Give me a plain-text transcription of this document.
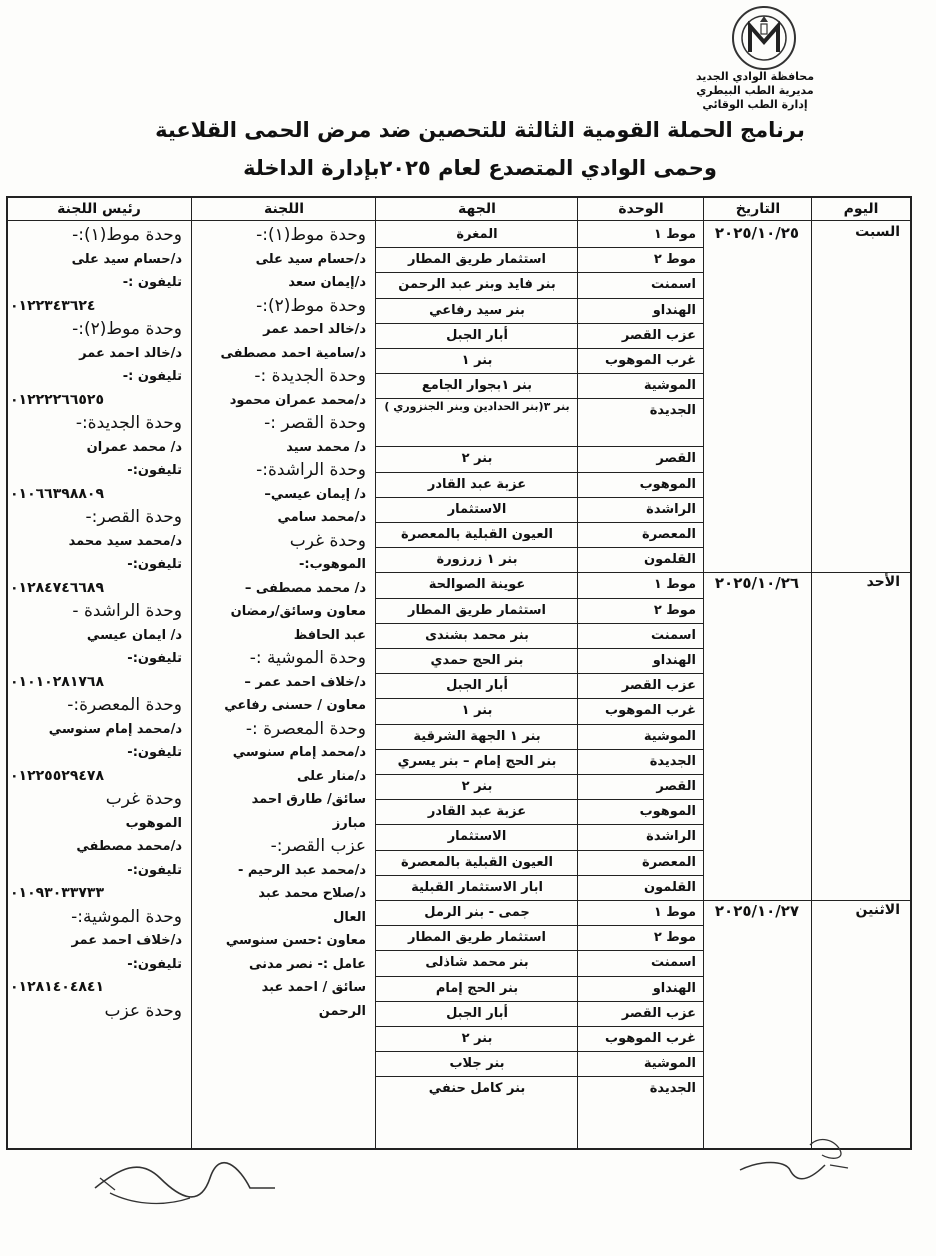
محافظة الوادي الجديد
مديرية الطب البيطري
إدارة الطب الوقائي
برنامج الحملة القومية الثالثة للتحصين ضد مرض الحمى القلاعية
وحمى الوادي المتصدع لعام ٢٠٢٥بإدارة الداخلة
اليوم
التاريخ
الوحدة
الجهة
اللجنة
رئيس اللجنة
موط ١
المغرة
موط ٢
استثمار طريق المطار
اسمنت
بنر فايد وبنر عبد الرحمن
الهنداو
بنر سيد رفاعي
عزب القصر
أبار الجبل
غرب الموهوب
بنر ١
الموشية
بنر ١بجوار الجامع
الجديدة
بنر ٣(بنر الحدادين وبنر الجنزوري )
القصر
بنر ٢
الموهوب
عزبة عبد القادر
الراشدة
الاستثمار
المعصرة
العيون القبلية بالمعصرة
القلمون
بنر ١ زرزورة
السبت
٢٠٢٥/١٠/٢٥
موط ١
عوينة الصوالحة
موط ٢
استثمار طريق المطار
اسمنت
بنر محمد بشندى
الهنداو
بنر الحج حمدي
عزب القصر
أبار الجبل
غرب الموهوب
بنر ١
الموشية
بنر ١ الجهة الشرقية
الجديدة
بنر الحج إمام – بنر يسري
القصر
بنر ٢
الموهوب
عزبة عبد القادر
الراشدة
الاستثمار
المعصرة
العيون القبلية بالمعصرة
القلمون
ابار الاستثمار القبلية
الأحد
٢٠٢٥/١٠/٢٦
موط ١
جمى - بنر الرمل
موط ٢
استثمار طريق المطار
اسمنت
بنر محمد شاذلى
الهنداو
بنر الحج إمام
عزب القصر
أبار الجبل
غرب الموهوب
بنر ٢
الموشية
بنر جلاب
الجديدة
بنر كامل حنفي
الاثنين
٢٠٢٥/١٠/٢٧
وحدة موط(١):-
د/حسام سيد على
د/إيمان سعد
وحدة موط(٢):-
د/خالد احمد عمر
د/سامية احمد مصطفى
وحدة الجديدة :-
د/محمد عمران محمود
وحدة القصر :-
د/ محمد سيد
وحدة الراشدة:-
د/ إيمان عيسي–
د/محمد سامي
وحدة غرب
الموهوب:-
د/ محمد مصطفى –
معاون وسائق/رمضان
عبد الحافظ
وحدة الموشية :-
د/خلاف احمد عمر –
معاون / حسنى رفاعي
وحدة المعصرة :-
د/محمد إمام سنوسي
د/منار على
سائق/ طارق احمد
مبارز
عزب القصر:-
د/محمد عبد الرحيم -
د/صلاح محمد عبد
العال
معاون :حسن سنوسي
عامل :- نصر مدنى
سائق / احمد عبد
الرحمن
وحدة موط(١):-
د/حسام سيد على
تليفون :-
٠١٢٢٣٤٣٦٢٤
وحدة موط(٢):-
د/خالد احمد عمر
تليفون :-
٠١٢٢٢٢٦٦٥٢٥
وحدة الجديدة:-
د/ محمد عمران
تليفون:-
٠١٠٦٦٣٩٨٨٠٩
وحدة القصر:-
د/محمد سيد محمد
تليفون:-
٠١٢٨٤٧٤٦٦٨٩
وحدة الراشدة -
د/ ايمان عيسي
تليفون:-
٠١٠١٠٢٨١٧٦٨
وحدة المعصرة:-
د/محمد إمام سنوسي
تليفون:-
٠١٢٢٥٥٢٩٤٧٨
وحدة غرب
الموهوب
د/محمد مصطفي
تليفون:-
٠١٠٩٣٠٣٣٧٣٣
وحدة الموشية:-
د/خلاف احمد عمر
تليفون:-
٠١٢٨١٤٠٤٨٤١
وحدة عزب
